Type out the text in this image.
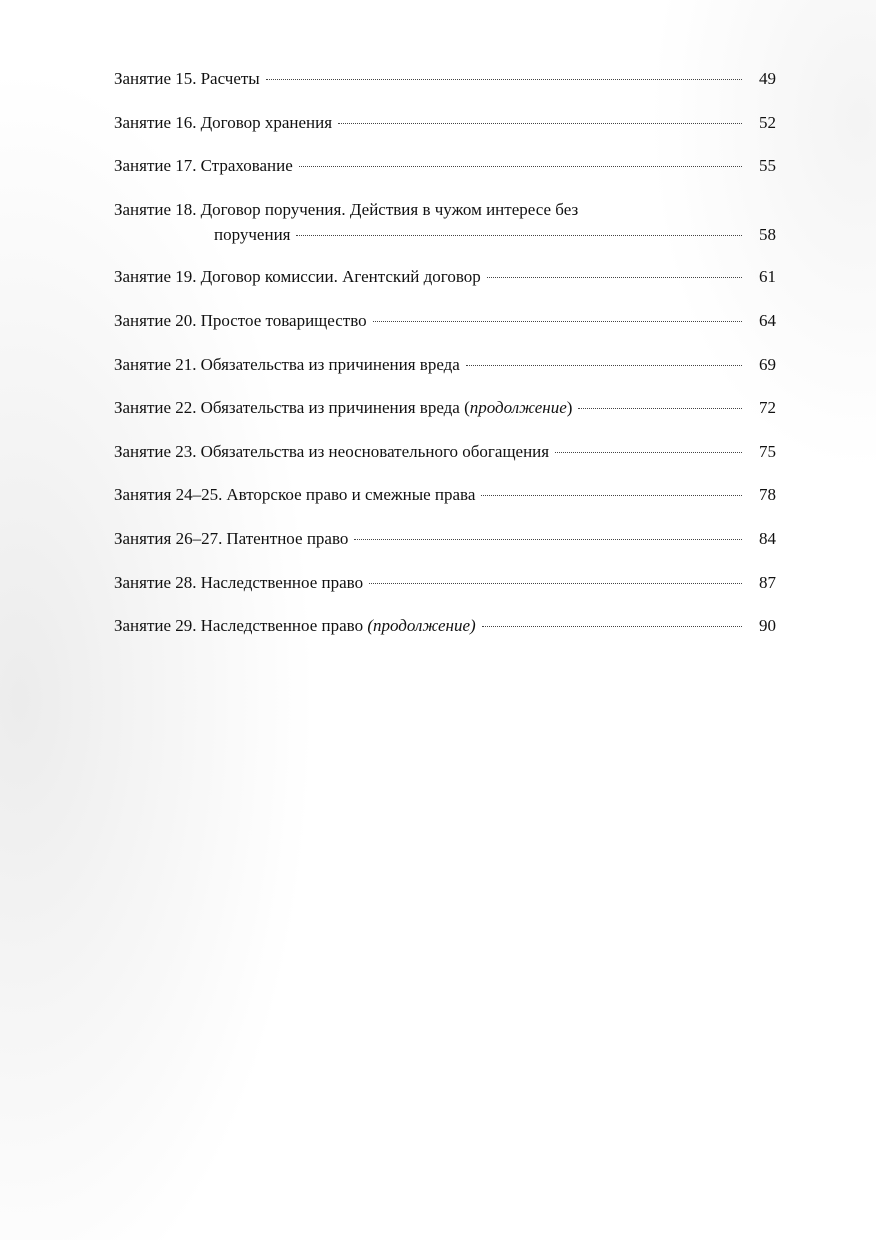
Занятие 15. Расчеты	49
Занятие 16. Договор хранения	52
Занятие 17. Страхование	55
Занятие 18. Договор поручения. Действия в чужом интересе без
поручения	58
Занятие 19. Договор комиссии. Агентский договор	61
Занятие 20. Простое товарищество	64
Занятие 21. Обязательства из причинения вреда	69
Занятие 22. Обязательства из причинения вреда (продолжение)	72
Занятие 23. Обязательства из неосновательного обогащения	75
Занятия 24–25. Авторское право и смежные права	78
Занятия 26–27. Патентное право	84
Занятие 28. Наследственное право	87
Занятие 29. Наследственное право (продолжение)	90
